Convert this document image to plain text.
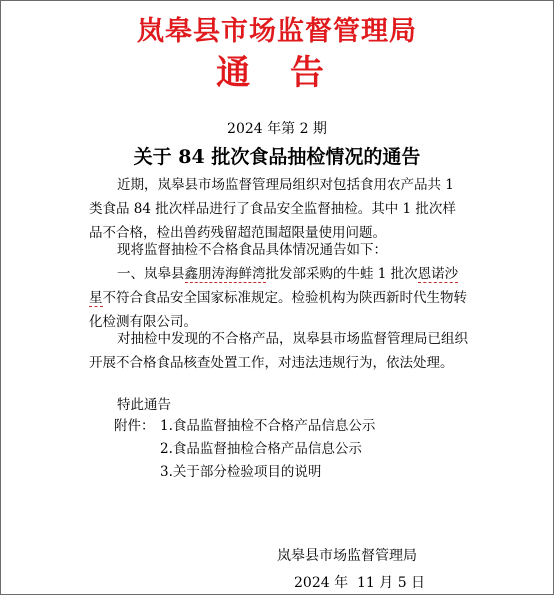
岚皋县市场监督管理局
通 告
2024 年第 2 期
关于 84 批次食品抽检情况的通告

近期，岚皋县市场监督管理局组织对包括食用农产品共 1 类食品 84 批次样品进行了食品安全监督抽检。其中 1 批次样品不合格，检出兽药残留超范围超限量使用问题。

现将监督抽检不合格食品具体情况通告如下：

一、岚皋县鑫朋涛海鲜湾批发部采购的牛蛙 1 批次恩诺沙星不符合食品安全国家标准规定。检验机构为陕西新时代生物转化检测有限公司。

对抽检中发现的不合格产品，岚皋县市场监督管理局已组织开展不合格食品核查处置工作，对违法违规行为，依法处理。

特此通告

附件： 1.食品监督抽检不合格产品信息公示
2.食品监督抽检合格产品信息公示
3.关于部分检验项目的说明
岚皋县市场监督管理局
2024 年  11 月 5 日
